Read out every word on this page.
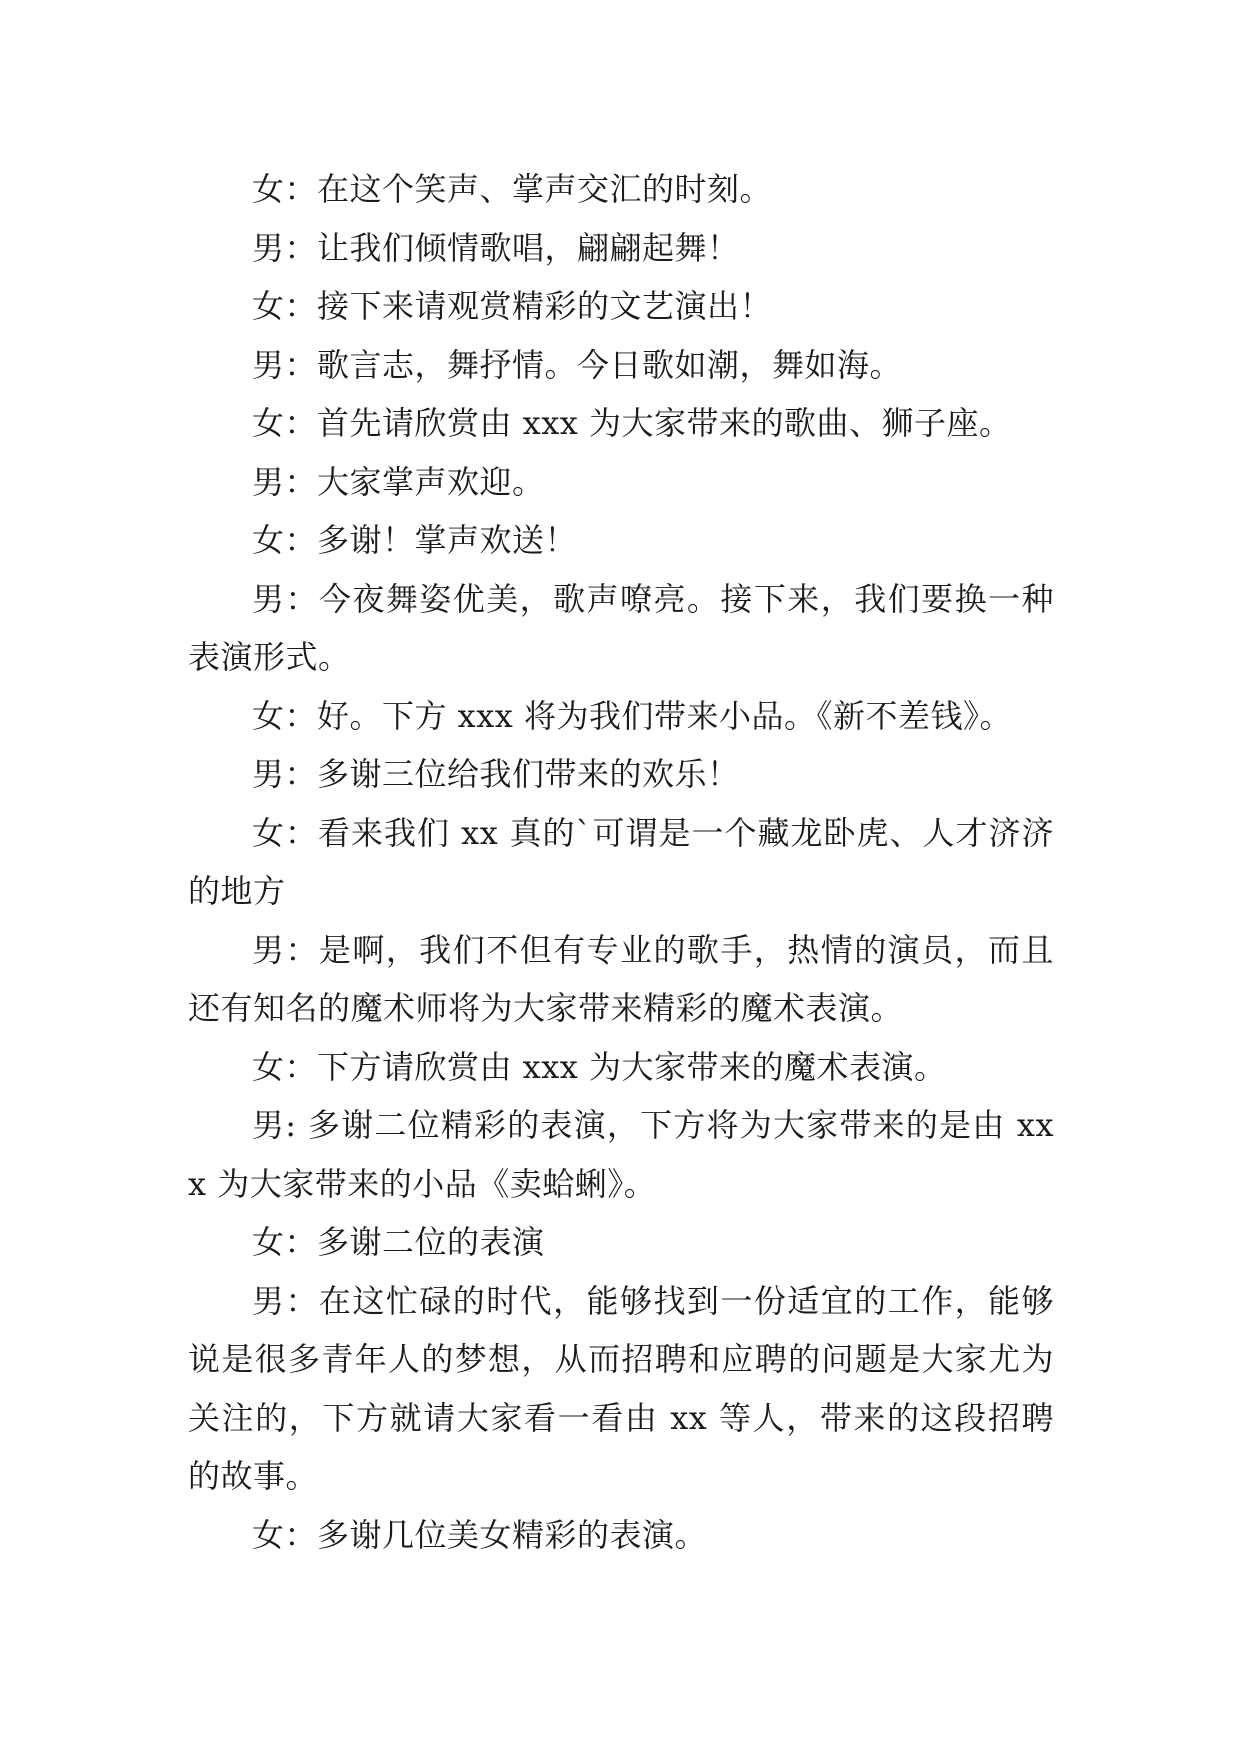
女：在这个笑声、掌声交汇的时刻。

男：让我们倾情歌唱，翩翩起舞！

女：接下来请观赏精彩的文艺演出！

男：歌言志，舞抒情。今日歌如潮，舞如海。

女：首先请欣赏由 xxx 为大家带来的歌曲、狮子座。

男：大家掌声欢迎。

女：多谢！掌声欢送！

男：今夜舞姿优美，歌声嘹亮。接下来，我们要换一种表演形式。

女：好。下方 xxx 将为我们带来小品。《新不差钱》。

男：多谢三位给我们带来的欢乐！

女：看来我们 xx 真的`可谓是一个藏龙卧虎、人才济济的地方

男：是啊，我们不但有专业的歌手，热情的演员，而且还有知名的魔术师将为大家带来精彩的魔术表演。

女：下方请欣赏由 xxx 为大家带来的魔术表演。

男: 多谢二位精彩的表演，下方将为大家带来的是由 xxx 为大家带来的小品《卖蛤蜊》。

女：多谢二位的表演

男：在这忙碌的时代，能够找到一份适宜的工作，能够说是很多青年人的梦想，从而招聘和应聘的问题是大家尤为关注的，下方就请大家看一看由 xx 等人，带来的这段招聘的故事。

女：多谢几位美女精彩的表演。
